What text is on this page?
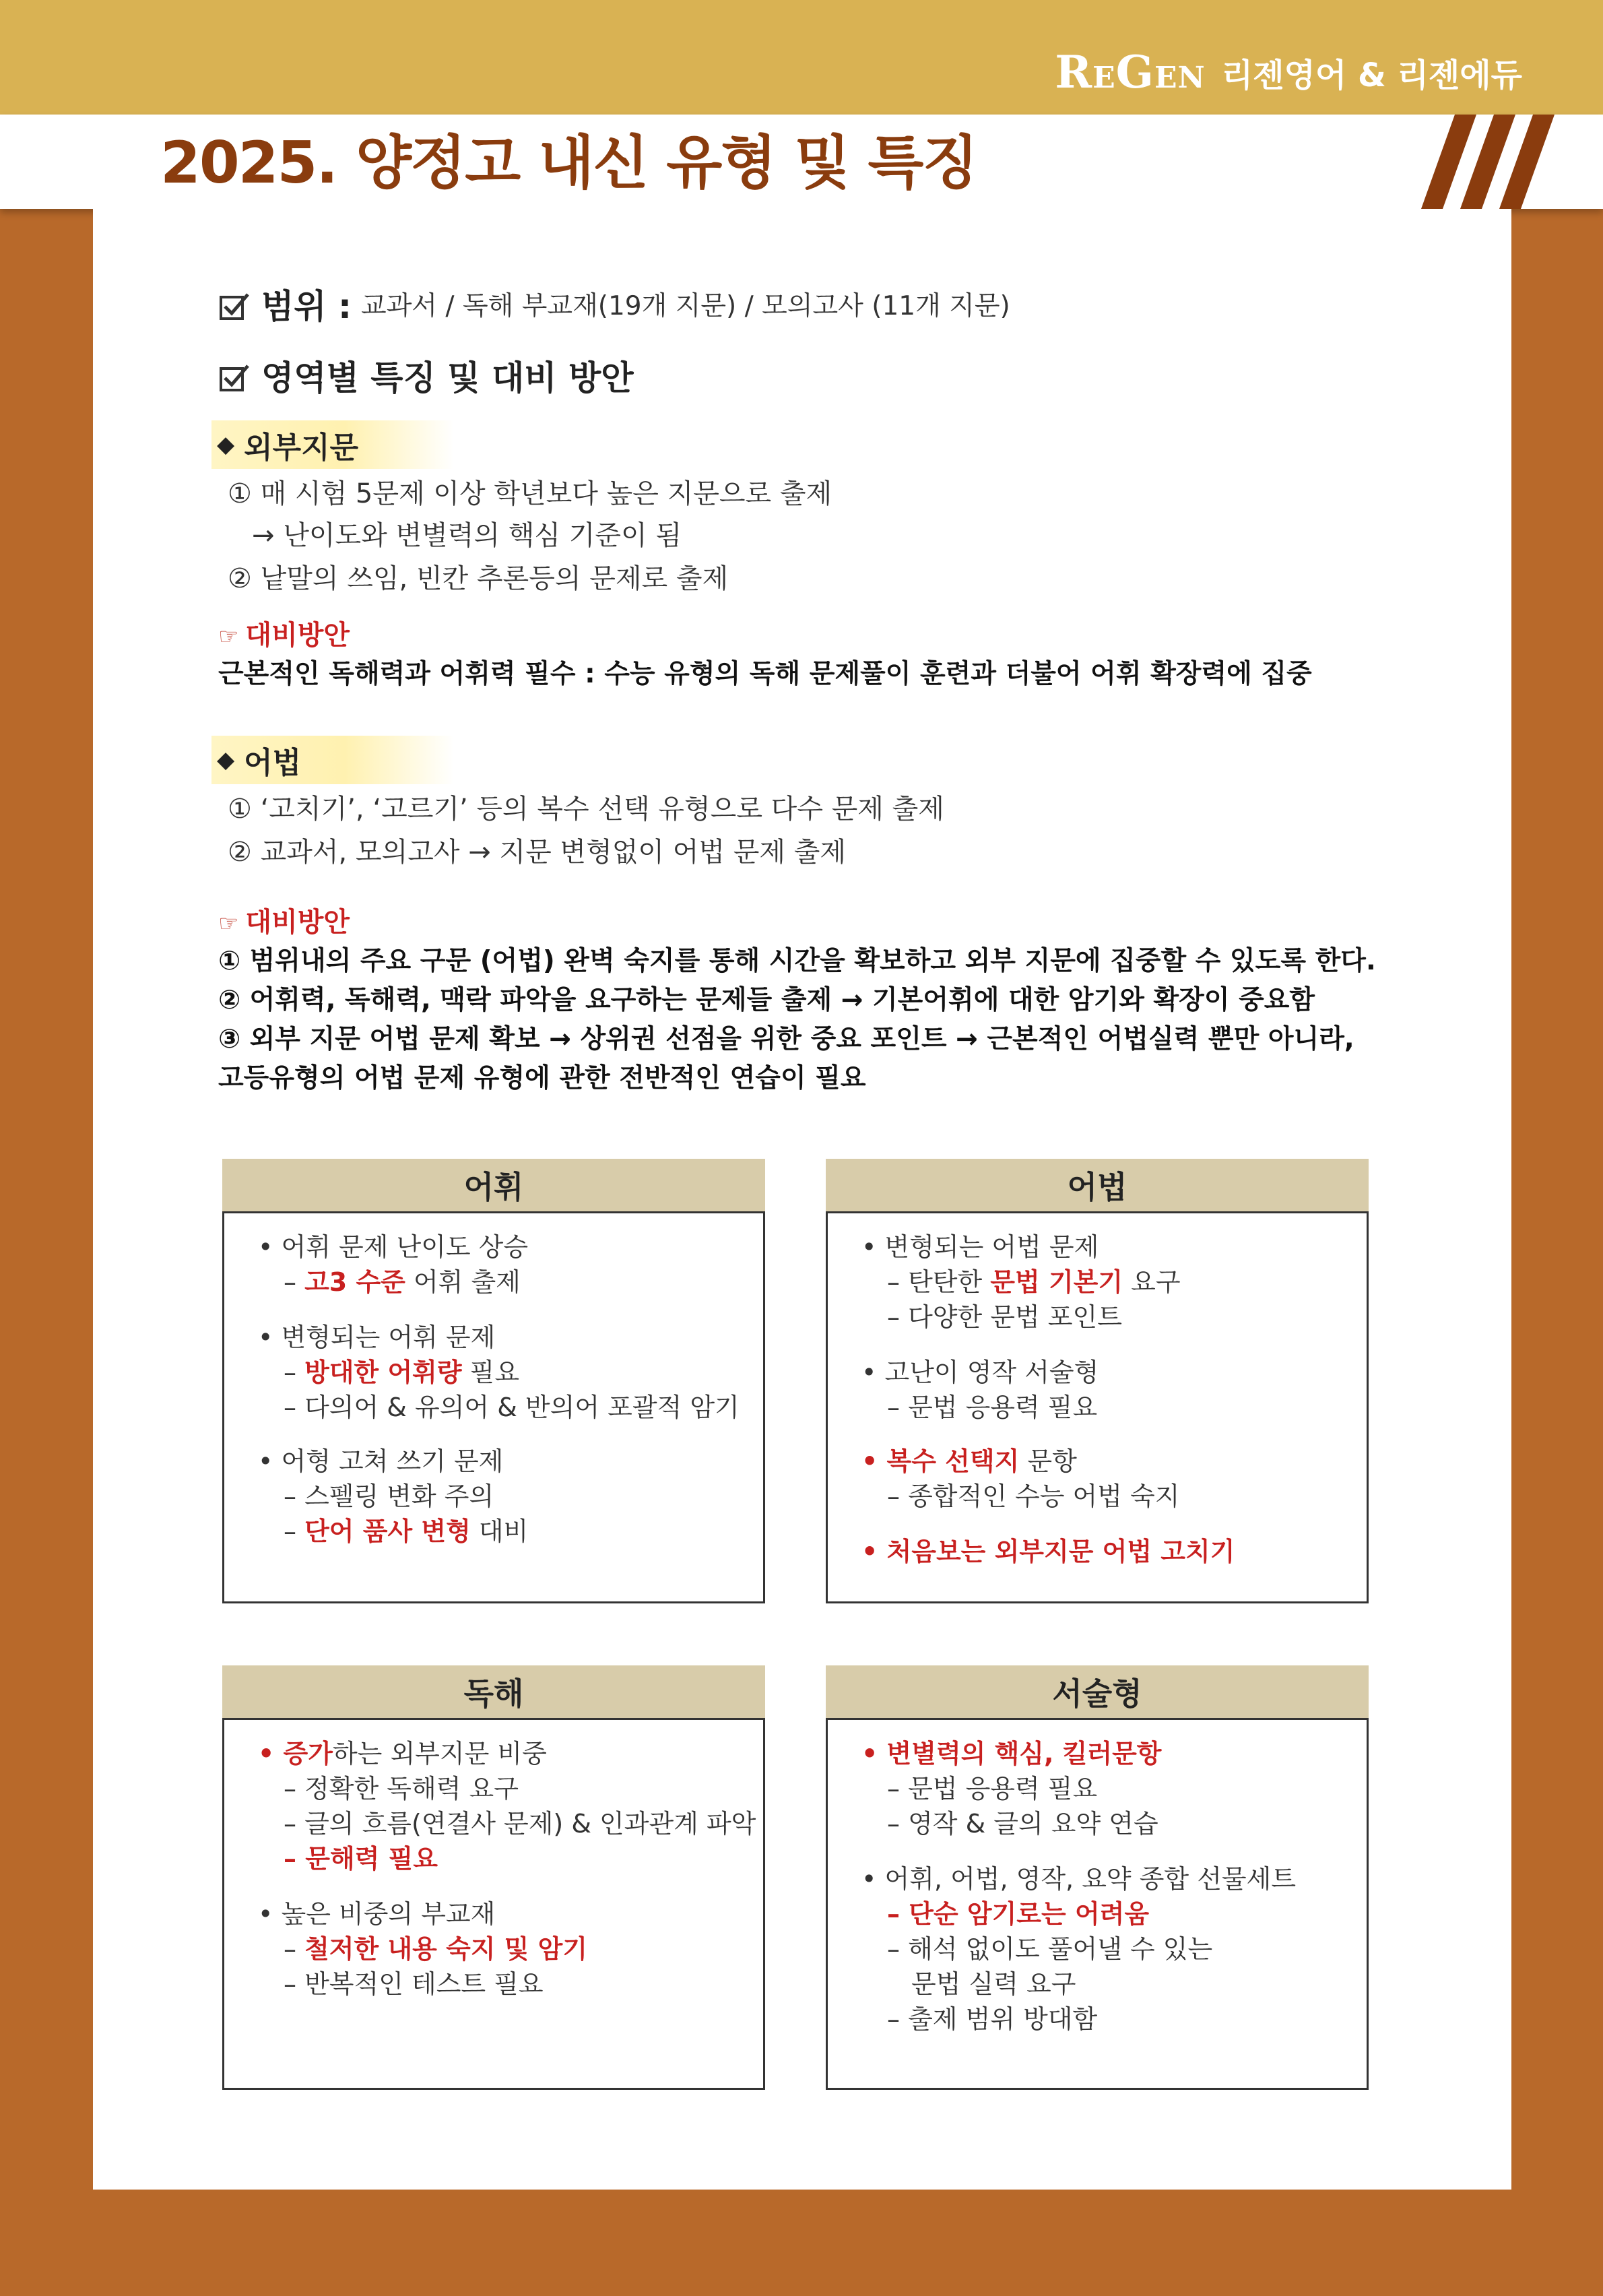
REGEN 리젠영어 & 리젠에듀
2025. 양정고 내신 유형 및 특징
범위 : 교과서 / 독해 부교재(19개 지문) / 모의고사 (11개 지문)
영역별 특징 및 대비 방안
◆ 외부지문
① 매 시험 5문제 이상 학년보다 높은 지문으로 출제
→ 난이도와 변별력의 핵심 기준이 됨
② 낱말의 쓰임, 빈칸 추론등의 문제로 출제
☞ 대비방안
근본적인 독해력과 어휘력 필수 : 수능 유형의 독해 문제풀이 훈련과 더불어 어휘 확장력에 집중
◆ 어법
① ‘고치기’, ‘고르기’ 등의 복수 선택 유형으로 다수 문제 출제
② 교과서, 모의고사 → 지문 변형없이 어법 문제 출제
☞ 대비방안
① 범위내의 주요 구문 (어법) 완벽 숙지를 통해 시간을 확보하고 외부 지문에 집중할 수 있도록 한다.
② 어휘력, 독해력, 맥락 파악을 요구하는 문제들 출제 → 기본어휘에 대한 암기와 확장이 중요함
③ 외부 지문 어법 문제 확보 → 상위권 선점을 위한 중요 포인트 → 근본적인 어법실력 뿐만 아니라,
고등유형의 어법 문제 유형에 관한 전반적인 연습이 필요
어휘
• 어휘 문제 난이도 상승
– 고3 수준 어휘 출제
• 변형되는 어휘 문제
– 방대한 어휘량 필요
– 다의어 & 유의어 & 반의어 포괄적 암기
• 어형 고쳐 쓰기 문제
– 스펠링 변화 주의
– 단어 품사 변형 대비
어법
• 변형되는 어법 문제
– 탄탄한 문법 기본기 요구
– 다양한 문법 포인트
• 고난이 영작 서술형
– 문법 응용력 필요
• 복수 선택지 문항
– 종합적인 수능 어법 숙지
• 처음보는 외부지문 어법 고치기
독해
• 증가하는 외부지문 비중
– 정확한 독해력 요구
– 글의 흐름(연결사 문제) & 인과관계 파악
– 문해력 필요
• 높은 비중의 부교재
– 철저한 내용 숙지 및 암기
– 반복적인 테스트 필요
서술형
• 변별력의 핵심, 킬러문항
– 문법 응용력 필요
– 영작 & 글의 요약 연습
• 어휘, 어법, 영작, 요약 종합 선물세트
– 단순 암기로는 어려움
– 해석 없이도 풀어낼 수 있는
문법 실력 요구
– 출제 범위 방대함
